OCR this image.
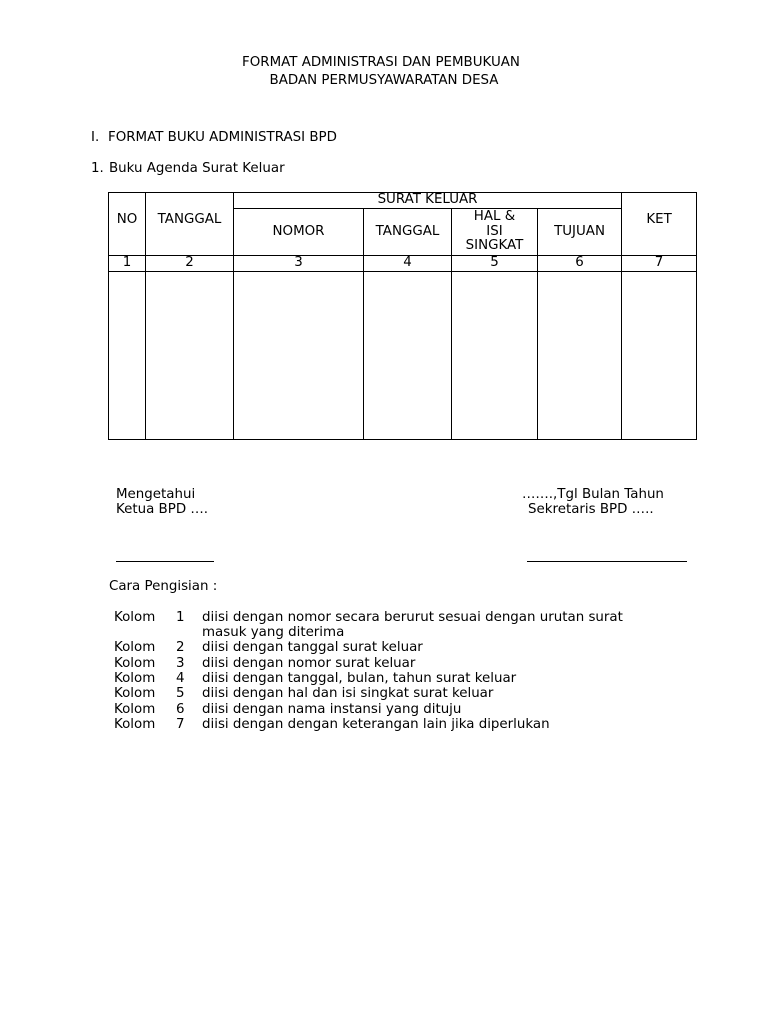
FORMAT ADMINISTRASI DAN PEMBUKUAN
BADAN PERMUSYAWARATAN DESA
I. FORMAT BUKU ADMINISTRASI BPD
1. Buku Agenda Surat Keluar
NO	TANGGAL	SURAT KELUAR				KET

		NOMOR	TANGGAL	HAL &
ISI
SINGKAT	TUJUAN	
1	2	3	4	5	6	7

Mengetahui
Ketua BPD ….
…….,Tgl Bulan Tahun
Sekretaris BPD …..
Cara Pengisian :
Kolom 1 diisi dengan nomor secara berurut sesuai dengan urutan surat
masuk yang diterima
Kolom 2 diisi dengan tanggal surat keluar
Kolom 3 diisi dengan nomor surat keluar
Kolom 4 diisi dengan tanggal, bulan, tahun surat keluar
Kolom 5 diisi dengan hal dan isi singkat surat keluar
Kolom 6 diisi dengan nama instansi yang dituju
Kolom 7 diisi dengan dengan keterangan lain jika diperlukan
